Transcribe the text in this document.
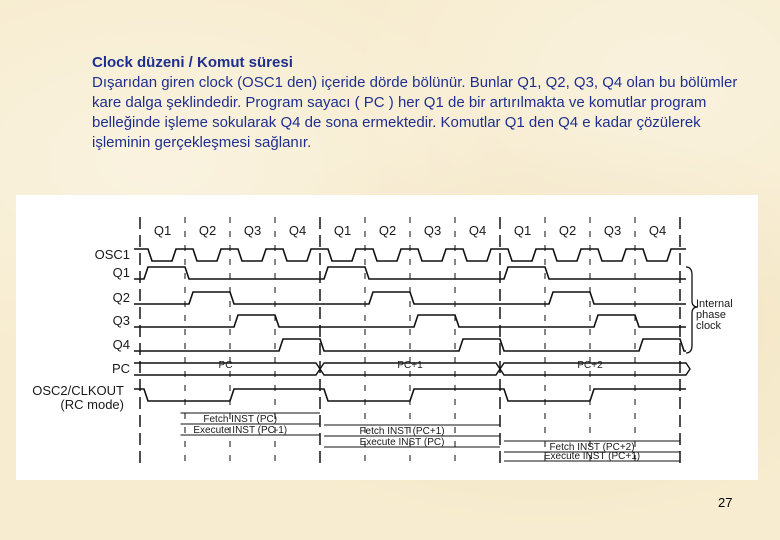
Clock düzeni / Komut süresi

Dışarıdan giren clock (OSC1 den) içeride dörde bölünür. Bunlar Q1, Q2, Q3, Q4 olan bu bölümler kare dalga şeklindedir. Program sayacı ( PC ) her Q1 de bir artırılmakta ve komutlar program belleğinde işleme sokularak Q4 de sona ermektedir. Komutlar Q1 den Q4 e kadar çözülerek işleminin gerçekleşmesi sağlanır.

Q1 Q2 Q3 Q4 Q1 Q2 Q3 Q4 Q1 Q2 Q3 Q4
OSC1
Q1
Q2
Q3
Q4
PC
OSC2/CLKOUT
(RC mode)
Internal
phase
clock
PC	PC+1	PC+2
Fetch INST (PC)
Execute INST (PC-1)	Fetch INST (PC+1)
Execute INST (PC)	Fetch INST (PC+2)
Execute INST (PC+1)
27
